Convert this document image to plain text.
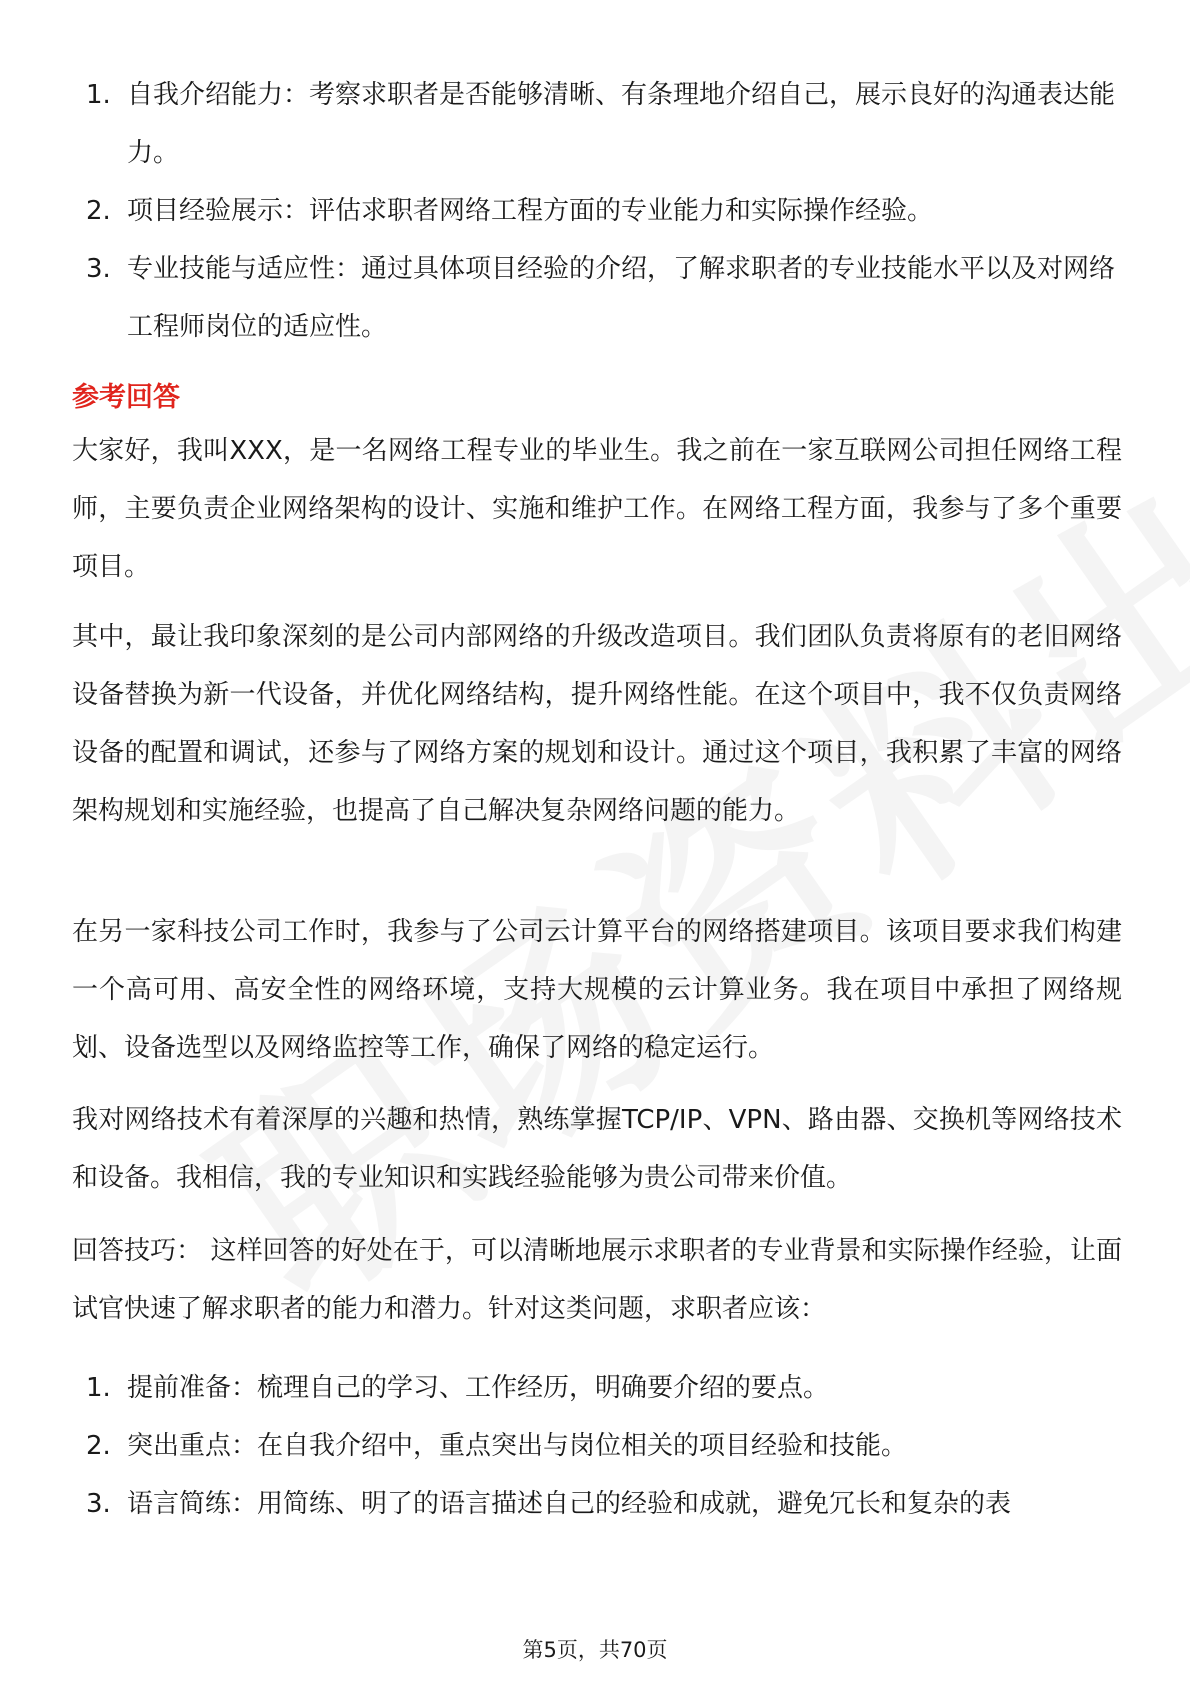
1. 自我介绍能力：考察求职者是否能够清晰、有条理地介绍自己，展示良好的沟通表达能力。
2. 项目经验展示：评估求职者网络工程方面的专业能力和实际操作经验。
3. 专业技能与适应性：通过具体项目经验的介绍，了解求职者的专业技能水平以及对网络工程师岗位的适应性。
参考回答

大家好，我叫XXX，是一名网络工程专业的毕业生。我之前在一家互联网公司担任网络工程师，主要负责企业网络架构的设计、实施和维护工作。在网络工程方面，我参与了多个重要项目。

其中，最让我印象深刻的是公司内部网络的升级改造项目。我们团队负责将原有的老旧网络设备替换为新一代设备，并优化网络结构，提升网络性能。在这个项目中，我不仅负责网络设备的配置和调试，还参与了网络方案的规划和设计。通过这个项目，我积累了丰富的网络架构规划和实施经验，也提高了自己解决复杂网络问题的能力。

在另一家科技公司工作时，我参与了公司云计算平台的网络搭建项目。该项目要求我们构建一个高可用、高安全性的网络环境，支持大规模的云计算业务。我在项目中承担了网络规划、设备选型以及网络监控等工作，确保了网络的稳定运行。

我对网络技术有着深厚的兴趣和热情，熟练掌握TCP/IP、VPN、路由器、交换机等网络技术和设备。我相信，我的专业知识和实践经验能够为贵公司带来价值。

回答技巧： 这样回答的好处在于，可以清晰地展示求职者的专业背景和实际操作经验，让面试官快速了解求职者的能力和潜力。针对这类问题，求职者应该：

1. 提前准备：梳理自己的学习、工作经历，明确要介绍的要点。
2. 突出重点：在自我介绍中，重点突出与岗位相关的项目经验和技能。
3. 语言简练：用简练、明了的语言描述自己的经验和成就，避免冗长和复杂的表
第5页，共70页
